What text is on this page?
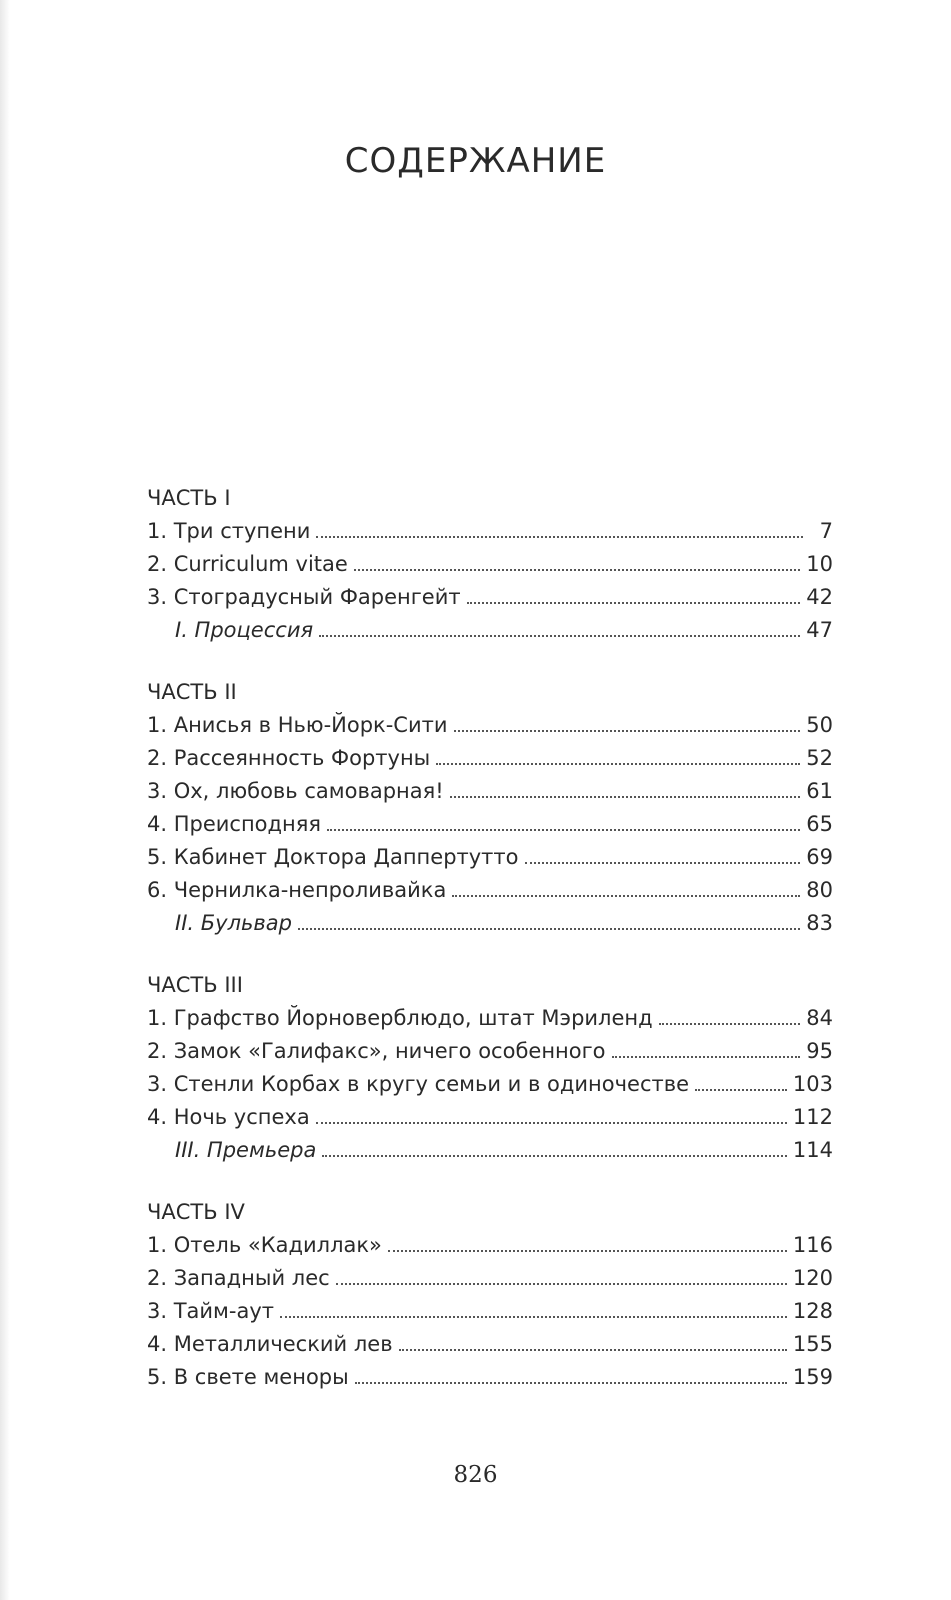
СОДЕРЖАНИЕ
ЧАСТЬ I
1. Три ступени	7
2. Curriculum vitae	10
3. Стоградусный Фаренгейт	42
I. Процессия	47
ЧАСТЬ II
1. Анисья в Нью-Йорк-Сити	50
2. Рассеянность Фортуны	52
3. Ох, любовь самоварная!	61
4. Преисподняя	65
5. Кабинет Доктора Даппертутто	69
6. Чернилка-непроливайка	80
II. Бульвар	83
ЧАСТЬ III
1. Графство Йорноверблюдо, штат Мэриленд	84
2. Замок «Галифакс», ничего особенного	95
3. Стенли Корбах в кругу семьи и в одиночестве	103
4. Ночь успеха	112
III. Премьера	114
ЧАСТЬ IV
1. Отель «Кадиллак»	116
2. Западный лес	120
3. Тайм-аут	128
4. Металлический лев	155
5. В свете меноры	159
826
